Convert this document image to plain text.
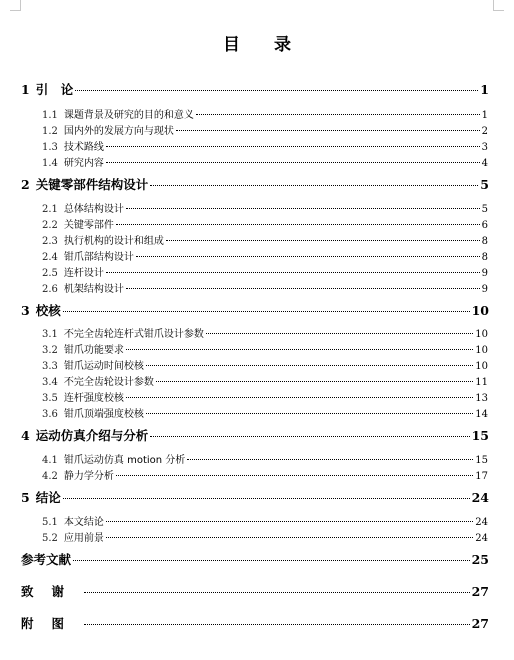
目 录
1 引　论	1
1.1 课题背景及研究的目的和意义	1
1.2 国内外的发展方向与现状	2
1.3 技术路线	3
1.4 研究内容	4
2 关键零部件结构设计	5
2.1 总体结构设计	5
2.2 关键零部件	6
2.3 执行机构的设计和组成	8
2.4 钳爪部结构设计	8
2.5 连杆设计	9
2.6 机架结构设计	9
3 校核	10
3.1 不完全齿轮连杆式钳爪设计参数	10
3.2 钳爪功能要求	10
3.3 钳爪运动时间校核	10
3.4 不完全齿轮设计参数	11
3.5 连杆强度校核	13
3.6 钳爪顶端强度校核	14
4 运动仿真介绍与分析	15
4.1 钳爪运动仿真 motion 分析	15
4.2 静力学分析	17
5 结论	24
5.1 本文结论	24
5.2 应用前景	24
参考文献	25
致谢	27
附图	27
